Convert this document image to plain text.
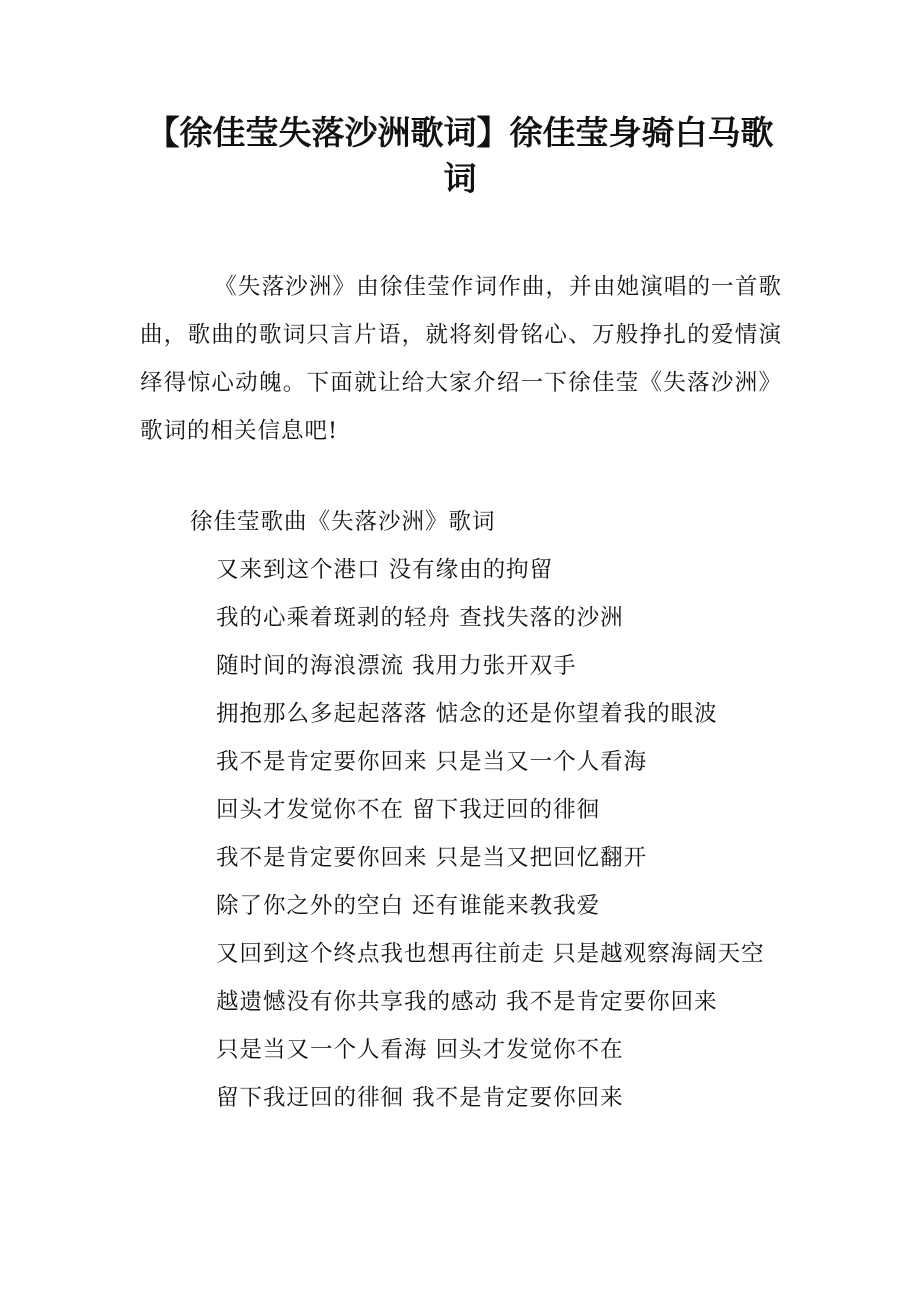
【徐佳莹失落沙洲歌词】徐佳莹身骑白马歌词

《失落沙洲》由徐佳莹作词作曲，并由她演唱的一首歌曲，歌曲的歌词只言片语，就将刻骨铭心、万般挣扎的爱情演绎得惊心动魄。下面就让给大家介绍一下徐佳莹《失落沙洲》歌词的相关信息吧!

徐佳莹歌曲《失落沙洲》歌词

又来到这个港口 没有缘由的拘留

我的心乘着斑剥的轻舟 查找失落的沙洲

随时间的海浪漂流 我用力张开双手

拥抱那么多起起落落 惦念的还是你望着我的眼波

我不是肯定要你回来 只是当又一个人看海

回头才发觉你不在 留下我迂回的徘徊

我不是肯定要你回来 只是当又把回忆翻开

除了你之外的空白 还有谁能来教我爱

又回到这个终点我也想再往前走 只是越观察海阔天空

越遗憾没有你共享我的感动 我不是肯定要你回来

只是当又一个人看海 回头才发觉你不在

留下我迂回的徘徊 我不是肯定要你回来
